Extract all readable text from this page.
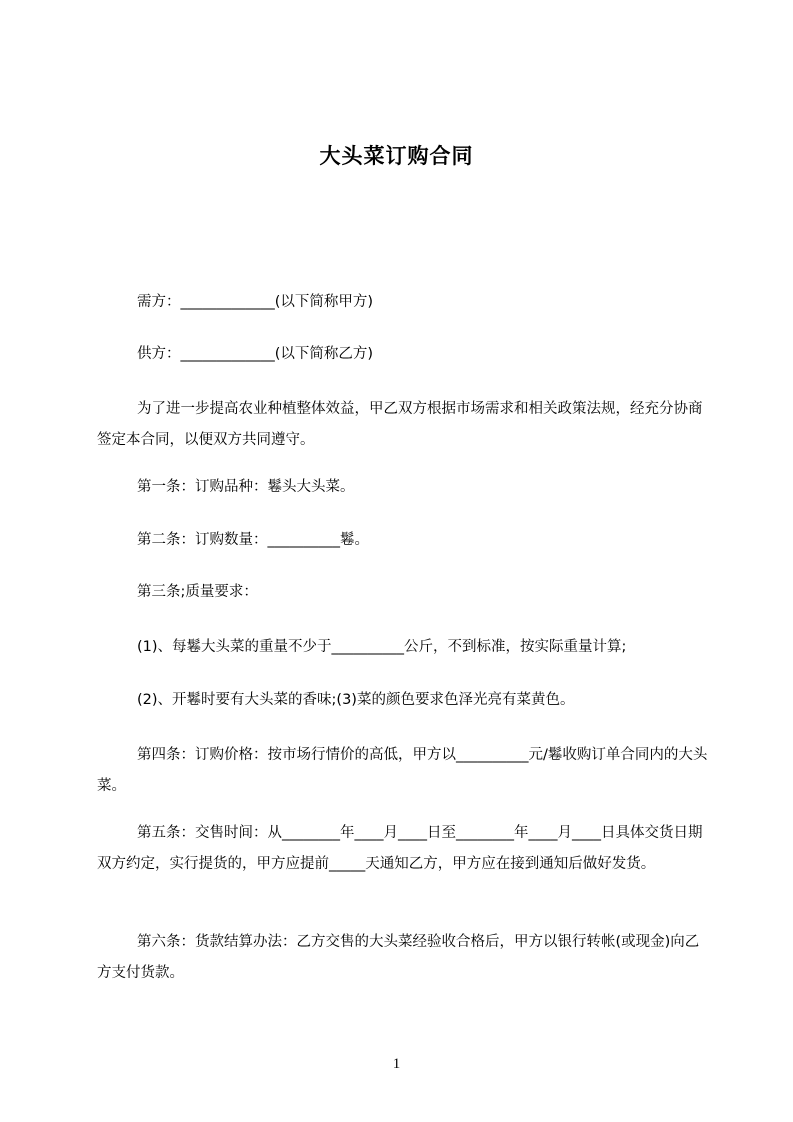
大头菜订购合同
需方：_____________(以下简称甲方)
供方：_____________(以下简称乙方)
为了进一步提高农业种植整体效益，甲乙双方根据市场需求和相关政策法规，经充分协商签定本合同，以便双方共同遵守。
第一条：订购品种：鬈头大头菜。
第二条：订购数量：__________鬈。
第三条;质量要求：
(1)、每鬈大头菜的重量不少于__________公斤，不到标准，按实际重量计算;
(2)、开鬈时要有大头菜的香味;(3)菜的颜色要求色泽光亮有菜黄色。
第四条：订购价格：按市场行情价的高低，甲方以__________元/鬈收购订单合同内的大头菜。
第五条：交售时间：从________年____月____日至________年____月____日具体交货日期双方约定，实行提货的，甲方应提前_____天通知乙方，甲方应在接到通知后做好发货。
第六条：货款结算办法：乙方交售的大头菜经验收合格后，甲方以银行转帐(或现金)向乙方支付货款。
1
